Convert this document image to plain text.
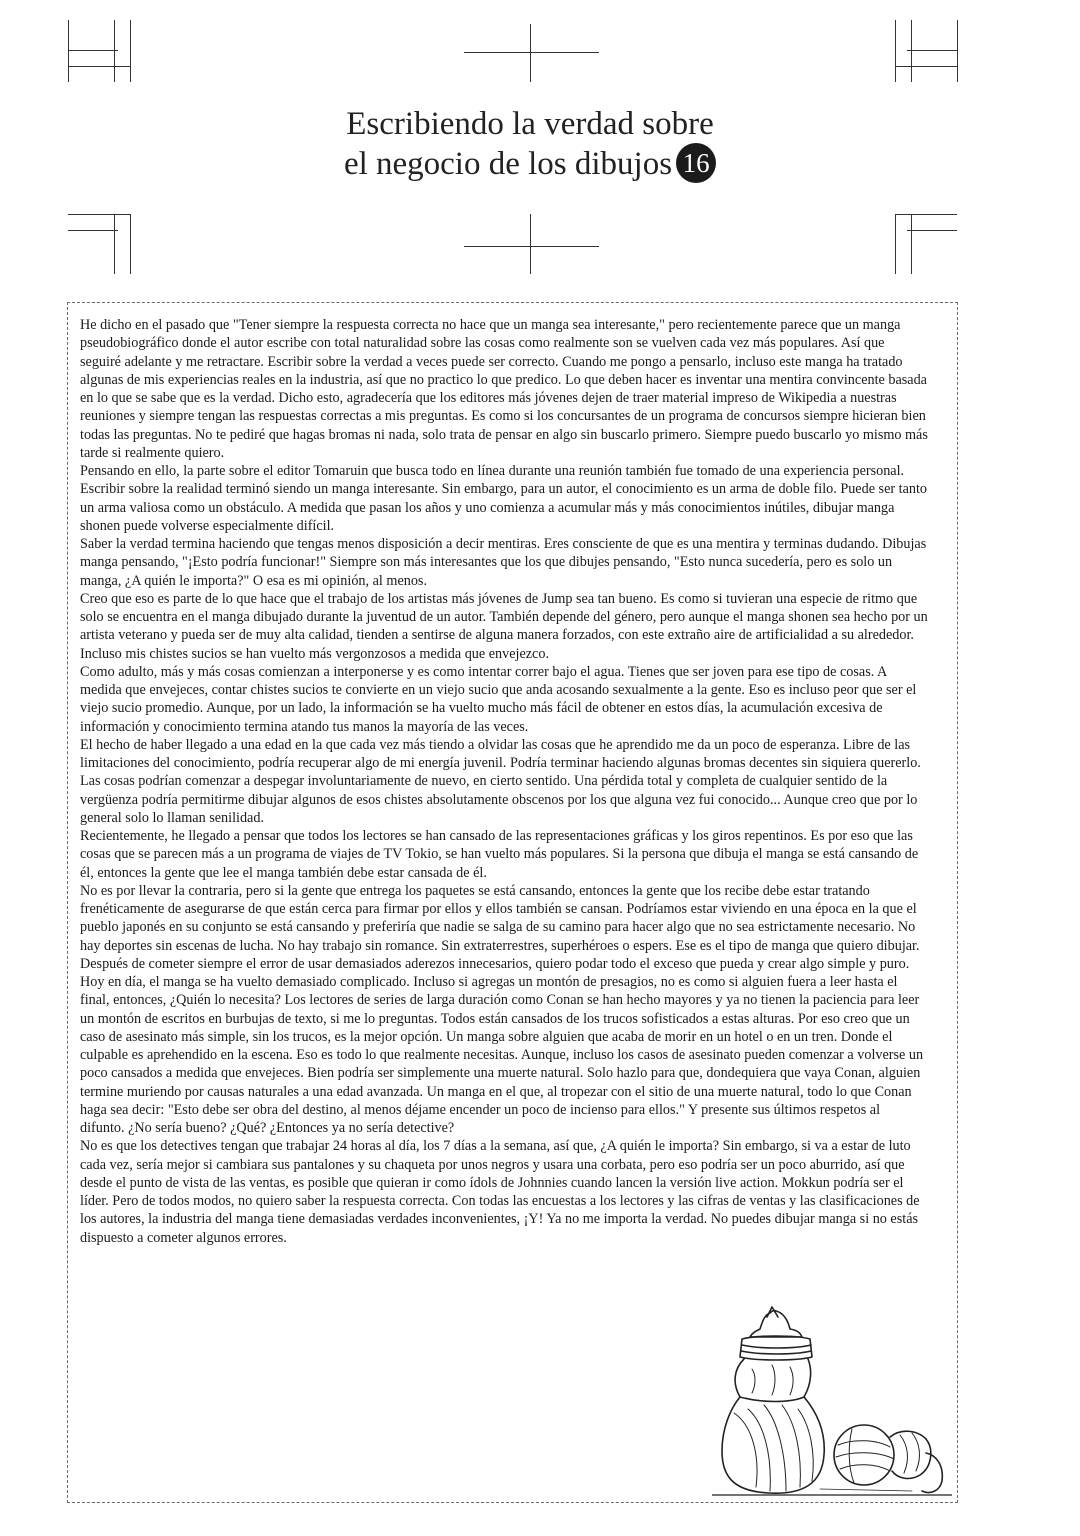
Escribiendo la verdad sobre
el negocio de los dibujos 16

He dicho en el pasado que "Tener siempre la respuesta correcta no hace que un manga sea interesante," pero recientemente parece que un manga pseudobiográfico donde el autor escribe con total naturalidad sobre las cosas como realmente son se vuelven cada vez más populares. Así que seguiré adelante y me retractare. Escribir sobre la verdad a veces puede ser correcto. Cuando me pongo a pensarlo, incluso este manga ha tratado algunas de mis experiencias reales en la industria, así que no practico lo que predico. Lo que deben hacer es inventar una mentira convincente basada en lo que se sabe que es la verdad. Dicho esto, agradecería que los editores más jóvenes dejen de traer material impreso de Wikipedia a nuestras reuniones y siempre tengan las respuestas correctas a mis preguntas. Es como si los concursantes de un programa de concursos siempre hicieran bien todas las preguntas. No te pediré que hagas bromas ni nada, solo trata de pensar en algo sin buscarlo primero. Siempre puedo buscarlo yo mismo más tarde si realmente quiero.

Pensando en ello, la parte sobre el editor Tomaruin que busca todo en línea durante una reunión también fue tomado de una experiencia personal. Escribir sobre la realidad terminó siendo un manga interesante. Sin embargo, para un autor, el conocimiento es un arma de doble filo. Puede ser tanto un arma valiosa como un obstáculo. A medida que pasan los años y uno comienza a acumular más y más conocimientos inútiles, dibujar manga shonen puede volverse especialmente difícil.

Saber la verdad termina haciendo que tengas menos disposición a decir mentiras. Eres consciente de que es una mentira y terminas dudando. Dibujas manga pensando, "¡Esto podría funcionar!" Siempre son más interesantes que los que dibujes pensando, "Esto nunca sucedería, pero es solo un manga, ¿A quién le importa?" O esa es mi opinión, al menos.

Creo que eso es parte de lo que hace que el trabajo de los artistas más jóvenes de Jump sea tan bueno. Es como si tuvieran una especie de ritmo que solo se encuentra en el manga dibujado durante la juventud de un autor. También depende del género, pero aunque el manga shonen sea hecho por un artista veterano y pueda ser de muy alta calidad, tienden a sentirse de alguna manera forzados, con este extraño aire de artificialidad a su alrededor. Incluso mis chistes sucios se han vuelto más vergonzosos a medida que envejezco.

Como adulto, más y más cosas comienzan a interponerse y es como intentar correr bajo el agua. Tienes que ser joven para ese tipo de cosas. A medida que envejeces, contar chistes sucios te convierte en un viejo sucio que anda acosando sexualmente a la gente. Eso es incluso peor que ser el viejo sucio promedio. Aunque, por un lado, la información se ha vuelto mucho más fácil de obtener en estos días, la acumulación excesiva de información y conocimiento termina atando tus manos la mayoría de las veces.

El hecho de haber llegado a una edad en la que cada vez más tiendo a olvidar las cosas que he aprendido me da un poco de esperanza. Libre de las limitaciones del conocimiento, podría recuperar algo de mi energía juvenil. Podría terminar haciendo algunas bromas decentes sin siquiera quererlo. Las cosas podrían comenzar a despegar involuntariamente de nuevo, en cierto sentido. Una pérdida total y completa de cualquier sentido de la vergüenza podría permitirme dibujar algunos de esos chistes absolutamente obscenos por los que alguna vez fui conocido... Aunque creo que por lo general solo lo llaman senilidad.

Recientemente, he llegado a pensar que todos los lectores se han cansado de las representaciones gráficas y los giros repentinos. Es por eso que las cosas que se parecen más a un programa de viajes de TV Tokio, se han vuelto más populares. Si la persona que dibuja el manga se está cansando de él, entonces la gente que lee el manga también debe estar cansada de él.

No es por llevar la contraria, pero si la gente que entrega los paquetes se está cansando, entonces la gente que los recibe debe estar tratando frenéticamente de asegurarse de que están cerca para firmar por ellos y ellos también se cansan. Podríamos estar viviendo en una época en la que el pueblo japonés en su conjunto se está cansando y preferiría que nadie se salga de su camino para hacer algo que no sea estrictamente necesario. No hay deportes sin escenas de lucha. No hay trabajo sin romance. Sin extraterrestres, superhéroes o espers. Ese es el tipo de manga que quiero dibujar. Después de cometer siempre el error de usar demasiados aderezos innecesarios, quiero podar todo el exceso que pueda y crear algo simple y puro.

Hoy en día, el manga se ha vuelto demasiado complicado. Incluso si agregas un montón de presagios, no es como si alguien fuera a leer hasta el final, entonces, ¿Quién lo necesita? Los lectores de series de larga duración como Conan se han hecho mayores y ya no tienen la paciencia para leer un montón de escritos en burbujas de texto, si me lo preguntas. Todos están cansados de los trucos sofisticados a estas alturas. Por eso creo que un caso de asesinato más simple, sin los trucos, es la mejor opción. Un manga sobre alguien que acaba de morir en un hotel o en un tren. Donde el culpable es aprehendido en la escena. Eso es todo lo que realmente necesitas. Aunque, incluso los casos de asesinato pueden comenzar a volverse un poco cansados a medida que envejeces. Bien podría ser simplemente una muerte natural. Solo hazlo para que, dondequiera que vaya Conan, alguien termine muriendo por causas naturales a una edad avanzada. Un manga en el que, al tropezar con el sitio de una muerte natural, todo lo que Conan haga sea decir: "Esto debe ser obra del destino, al menos déjame encender un poco de incienso para ellos." Y presente sus últimos respetos al difunto. ¿No sería bueno? ¿Qué? ¿Entonces ya no sería detective?

No es que los detectives tengan que trabajar 24 horas al día, los 7 días a la semana, así que, ¿A quién le importa? Sin embargo, si va a estar de luto cada vez, sería mejor si cambiara sus pantalones y su chaqueta por unos negros y usara una corbata, pero eso podría ser un poco aburrido, así que desde el punto de vista de las ventas, es posible que quieran ir como ídols de Johnnies cuando lancen la versión live action. Mokkun podría ser el líder. Pero de todos modos, no quiero saber la respuesta correcta. Con todas las encuestas a los lectores y las cifras de ventas y las clasificaciones de los autores, la industria del manga tiene demasiadas verdades inconvenientes, ¡Y! Ya no me importa la verdad. No puedes dibujar manga si no estás dispuesto a cometer algunos errores.
